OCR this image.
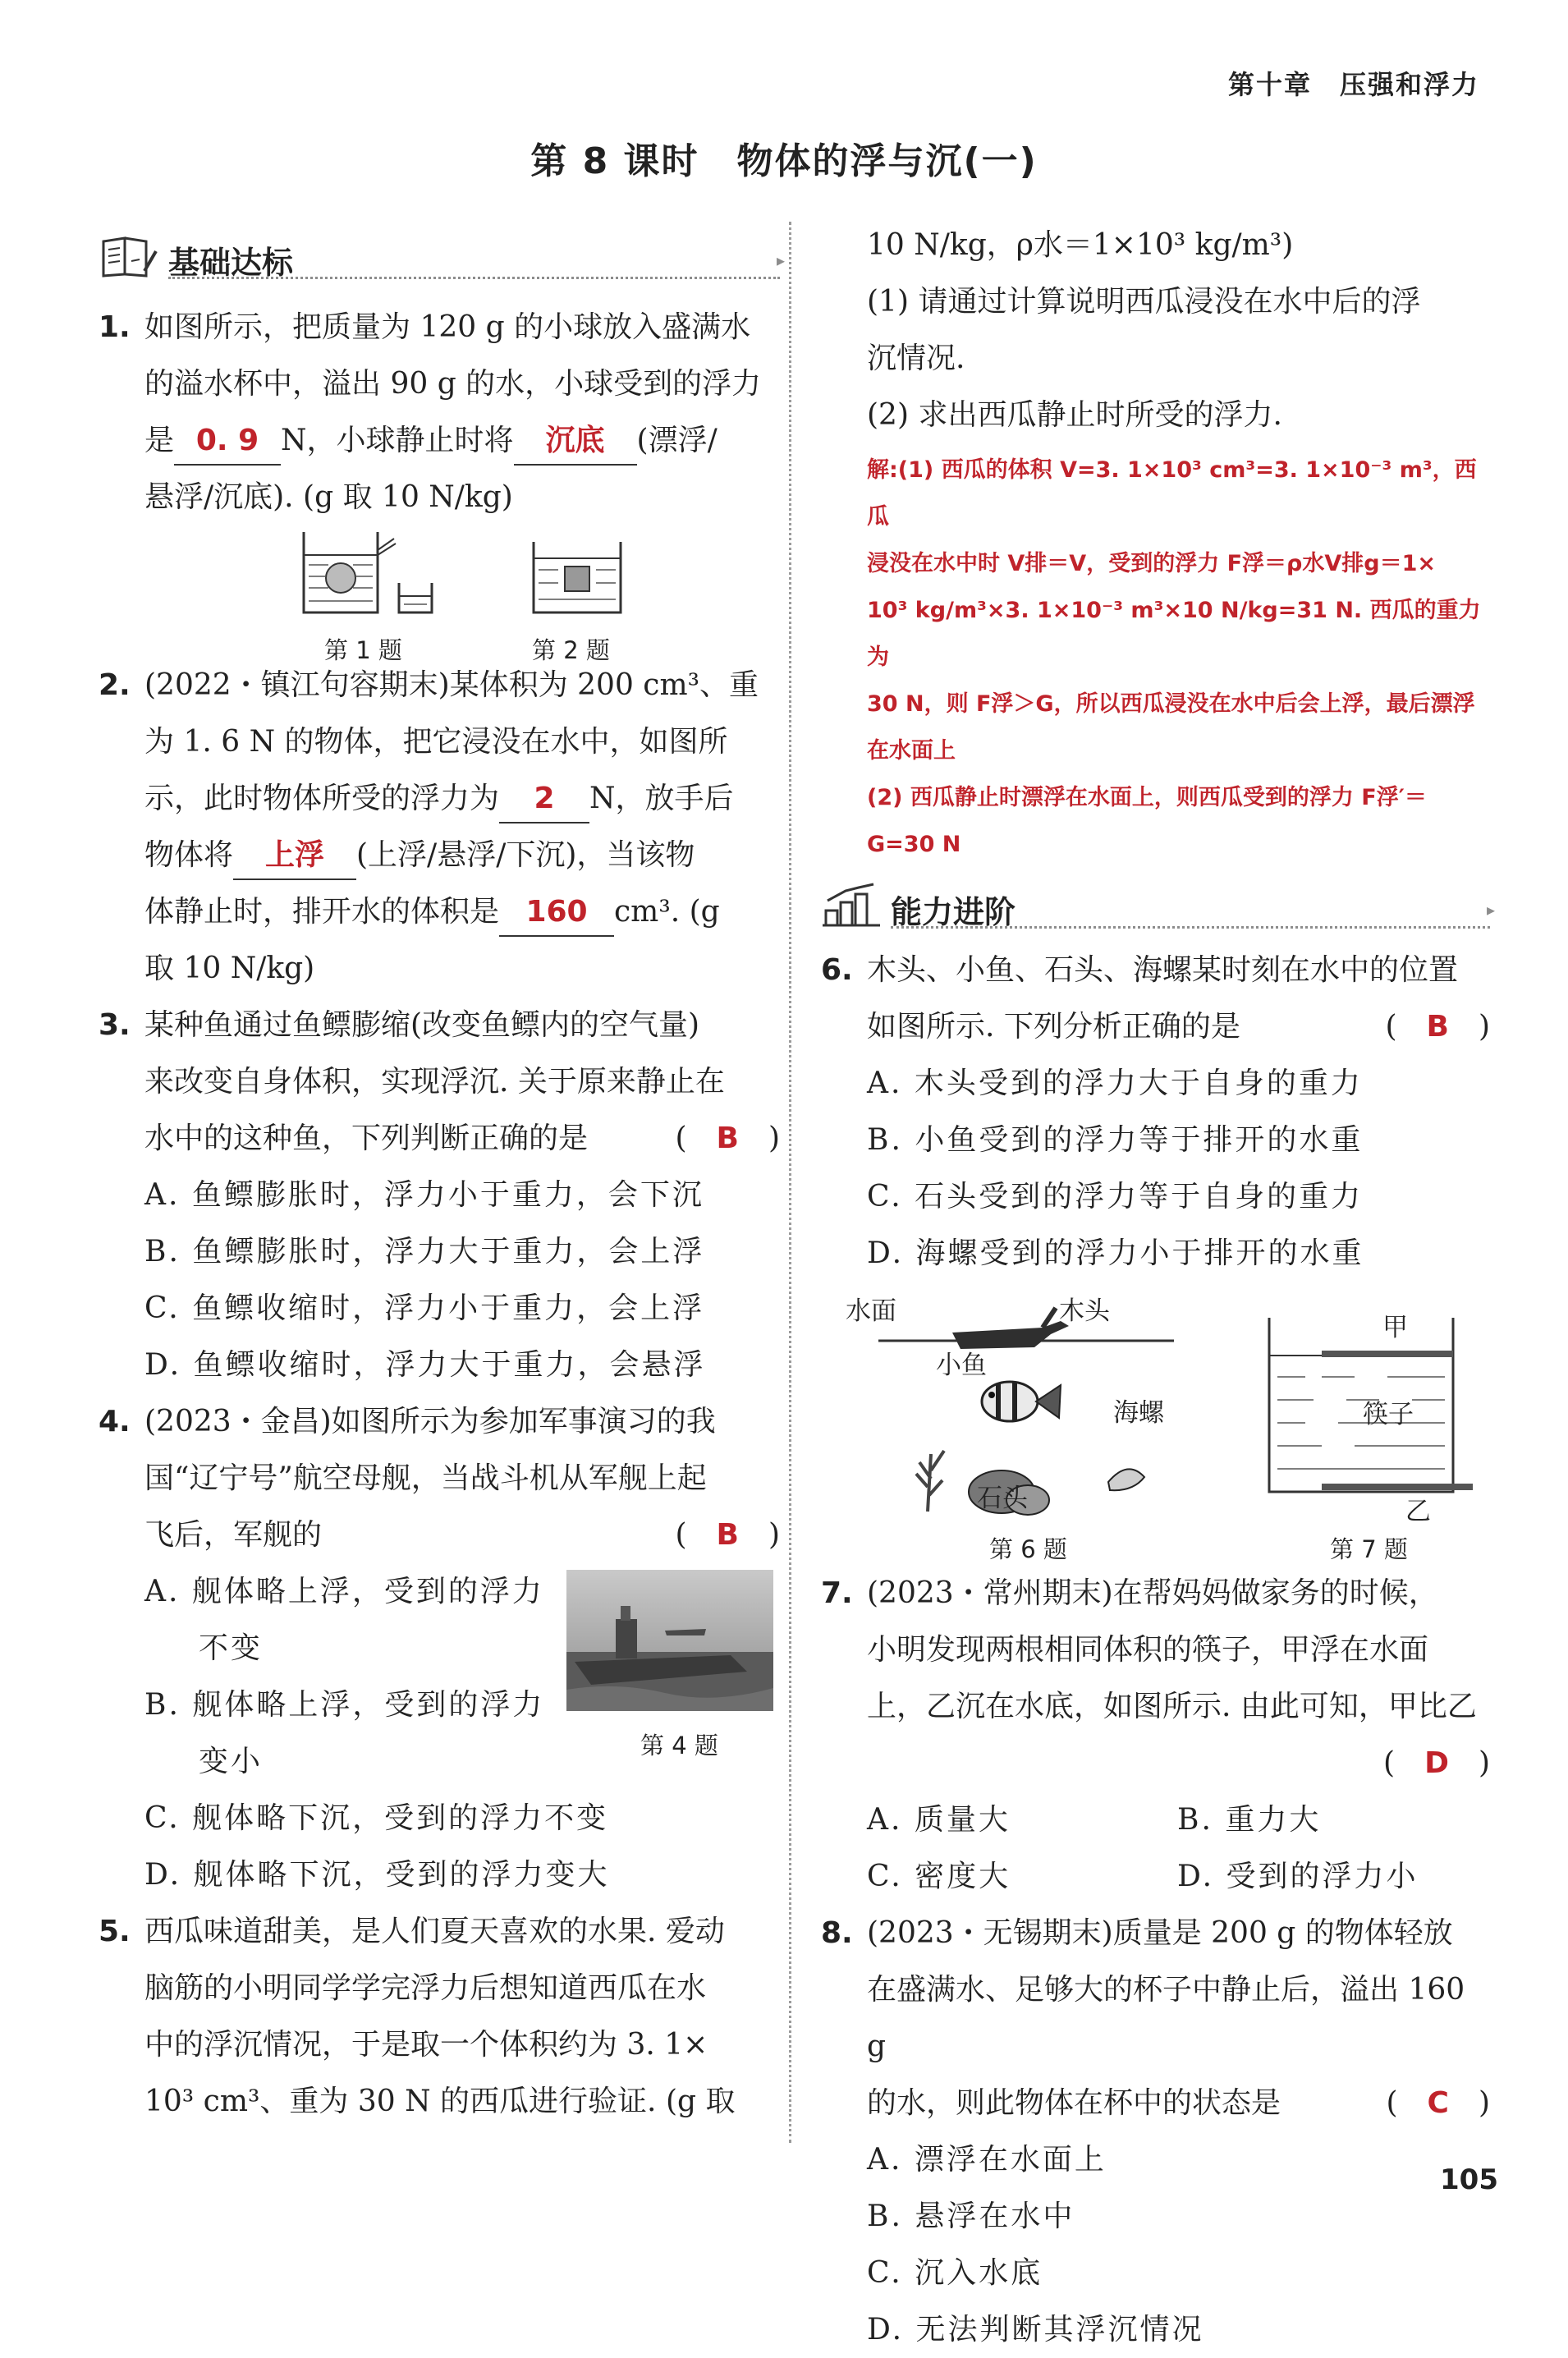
第十章　压强和浮力
第 8 课时　物体的浮与沉(一)
基础达标	▸
1. 如图所示，把质量为 120 g 的小球放入盛满水
的溢水杯中，溢出 90 g 的水，小球受到的浮力
是 0. 9 N，小球静止时将 沉底 (漂浮/
悬浮/沉底). (g 取 10 N/kg)
第 1 题	第 2 题
2. (2022・镇江句容期末)某体积为 200 cm³、重
为 1. 6 N 的物体，把它浸没在水中，如图所
示，此时物体所受的浮力为 2 N，放手后
物体将 上浮 (上浮/悬浮/下沉)，当该物
体静止时，排开水的体积是 160 cm³. (g
取 10 N/kg)
3. 某种鱼通过鱼鳔膨缩(改变鱼鳔内的空气量)
来改变自身体积，实现浮沉. 关于原来静止在
水中的这种鱼，下列判断正确的是	(　B　)
A. 鱼鳔膨胀时，浮力小于重力，会下沉
B. 鱼鳔膨胀时，浮力大于重力，会上浮
C. 鱼鳔收缩时，浮力小于重力，会上浮
D. 鱼鳔收缩时，浮力大于重力，会悬浮
4. (2023・金昌)如图所示为参加军事演习的我
国“辽宁号”航空母舰，当战斗机从军舰上起
飞后，军舰的	(　B　)
A. 舰体略上浮，受到的浮力
不变
B. 舰体略上浮，受到的浮力
变小	第 4 题
C. 舰体略下沉，受到的浮力不变
D. 舰体略下沉，受到的浮力变大
5. 西瓜味道甜美，是人们夏天喜欢的水果. 爱动
脑筋的小明同学学完浮力后想知道西瓜在水
中的浮沉情况，于是取一个体积约为 3. 1×
10³ cm³、重为 30 N 的西瓜进行验证. (g 取
10 N/kg，ρ水＝1×10³ kg/m³)
(1) 请通过计算说明西瓜浸没在水中后的浮
沉情况.
(2) 求出西瓜静止时所受的浮力.
解:(1) 西瓜的体积 V=3. 1×10³ cm³=3. 1×10⁻³ m³，西瓜
浸没在水中时 V排＝V，受到的浮力 F浮＝ρ水V排g＝1×
10³ kg/m³×3. 1×10⁻³ m³×10 N/kg=31 N. 西瓜的重力为
30 N，则 F浮＞G，所以西瓜浸没在水中后会上浮，最后漂浮
在水面上
(2) 西瓜静止时漂浮在水面上，则西瓜受到的浮力 F浮′＝
G=30 N
能力进阶	▸
6. 木头、小鱼、石头、海螺某时刻在水中的位置
如图所示. 下列分析正确的是	(　B　)
A. 木头受到的浮力大于自身的重力
B. 小鱼受到的浮力等于排开的水重
C. 石头受到的浮力等于自身的重力
D. 海螺受到的浮力小于排开的水重
水面	木头
小鱼
海螺
石头
第 6 题
甲
筷子
乙
第 7 题
7. (2023・常州期末)在帮妈妈做家务的时候，
小明发现两根相同体积的筷子，甲浮在水面
上，乙沉在水底，如图所示. 由此可知，甲比乙
(　D　)
A. 质量大	B. 重力大
C. 密度大	D. 受到的浮力小
8. (2023・无锡期末)质量是 200 g 的物体轻放
在盛满水、足够大的杯子中静止后，溢出 160 g
的水，则此物体在杯中的状态是	(　C　)
A. 漂浮在水面上
B. 悬浮在水中
C. 沉入水底
D. 无法判断其浮沉情况
105
